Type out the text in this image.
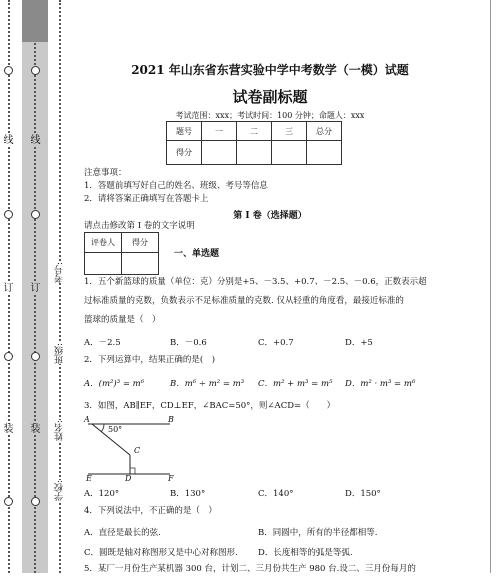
线
订
装
线
订
装
学校:
姓名:
班级:
考号:
2021 年山东省东营实验中学中考数学（一模）试题
试卷副标题
考试范围：xxx；考试时间：100 分钟；命题人：xxx
题号	一	二	三	总分
得分				
注意事项：
1．答题前填写好自己的姓名、班级、考号等信息
2．请将答案正确填写在答题卡上
第 I 卷（选择题）
请点击修改第 I 卷的文字说明
评卷人	得分

一、单选题
1．五个新篮球的质量（单位：克）分别是+5、－3.5、+0.7、－2.5、－0.6，正数表示超
过标准质量的克数，负数表示不足标准质量的克数. 仅从轻重的角度看，最接近标准的
篮球的质量是（　）
A．－2.5	B．－0.6	C．+0.7	D．+5
2．下列运算中，结果正确的是(　)
A．(m²)³ = m⁶	B．m⁶ ÷ m² = m³ C．m² + m³ = m⁵ D．m² · m³ = m⁶
3．如图，AB∥EF，CD⊥EF，∠BAC=50°，则∠ACD=（　　）
A	B
50°
C
E	D	F
A．120°	B．130°	C．140°	D．150°
4．下列说法中，不正确的是（　）
A．直径是最长的弦.	B．同圆中，所有的半径都相等.
C．圆既是轴对称图形又是中心对称图形. D．长度相等的弧是等弧.
5．某厂一月份生产某机器 300 台，计划二、三月份共生产 980 台.设二、三月份每月的
